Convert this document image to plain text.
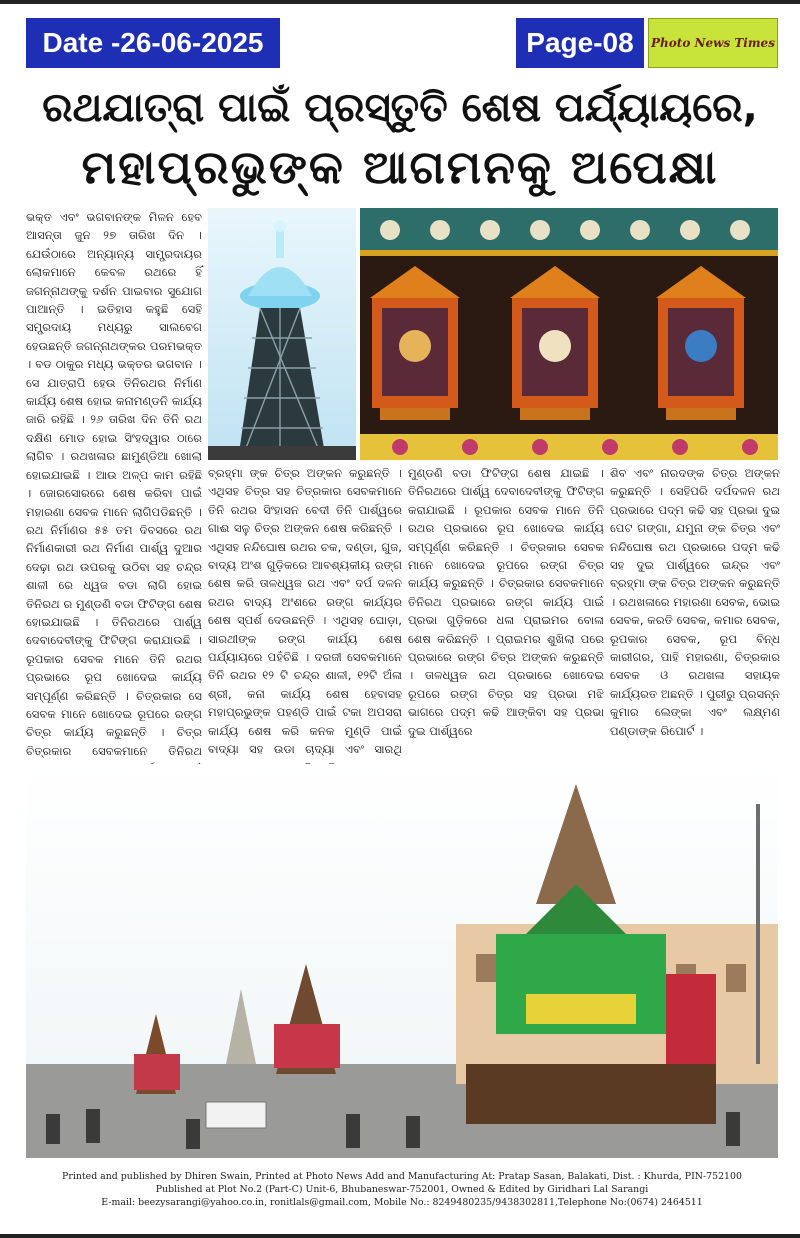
Date -26-06-2025	Page-08	Photo News Times
ରଥଯାତ୍ରା ପାଇଁ ପ୍ରସ୍ତୁତି ଶେଷ ପର୍ଯ୍ୟାୟରେ,
ମହାପ୍ରଭୁଙ୍କ ଆଗମନକୁ ଅପେକ୍ଷା
ଭକ୍ତ ଏବଂ ଭଗବାନଙ୍କ ମିଳନ ହେବ ଆସନ୍ତା ଜୁନ ୨୭ ତାରିଖ ଦିନ । ଯେଉଁଠାରେ ଅନ୍ୟାନ୍ୟ ସାମ୍ପ୍ରଦାୟର ଲୋକମାନେ କେବଳ ରଥରେ ହିଁ ଜଗନ୍ନାଥଙ୍କୁ ଦର୍ଶନ ପାଇବାର ସୁଯୋଗ ପାଆନ୍ତି । ଇତିହାସ କହୁଛି ସେହି ସମ୍ପ୍ରଦାୟ ମଧ୍ୟରୁ ସାଲବେଗ ହେଉଛନ୍ତି ଜଗନ୍ନାଥଙ୍କର ପରମଭକ୍ତ । ବଡ ଠାକୁର ମଧ୍ୟ ଭକ୍ତର ଭଗବାନ । ସେ ଯାତ୍ରାପି ହେଉ ତିନିରଥର ନିର୍ମାଣ କାର୍ଯ୍ୟ ଶେଷ ହୋଇ କନାମଣ୍ଡନି କାର୍ଯ୍ୟ ଜାରି ରହିଛି । ୨୬ ତାରିଖ ଦିନ ତିନି ରଥ ଦକ୍ଷିଣ ମୋଡ ହୋଇ ସିଂହଦ୍ୱାର ଠାରେ ଲାଗିବ । ରଥଖଳାର ଛାମୁଣ୍ଡିଆ ଖୋଲା ହୋଇଯାଇଛି । ଆଉ ଅଳ୍ପ କାମ ରହିଛି । ଜୋରସୋରରେ ଶେଷ କରିବା ପାଇଁ ମହାରଣା ସେବକ ମାନେ ଲାଗିପଡିଛନ୍ତି । ରଥ ନିର୍ମାଣର ୫୫ ତମ ଦିବସରେ ରଥ ନିର୍ମାଣକାରୀ ରଥ ନିର୍ମାଣ ପାର୍ଶ୍ୱ ଦୁଆର ଦେଢ଼ା ରଥ ଉପରକୁ ଉଠିବା ସହ ଚନ୍ଦ୍ର ଶାଳୀ ରେ ଧ୍ୱଜ ବଡା ଲାଗି ହୋଇ ତିନିରଥ ର ମୁଣ୍ଡଣି ବଡା ଫିଟିଙ୍ଗ ଶେଷ ହୋଇଯାଇଛି । ତିନିରଥରେ ପାର୍ଶ୍ୱ ଦେବାଦେବୀଙ୍କୁ ଫିଟିଙ୍ଗ କରାଯାଉଛି । ରୂପକାର ସେବକ ମାନେ ତିନି ରଥର ପ୍ରଭାରେ ରୂପ ଖୋଦେଇ କାର୍ଯ୍ୟ ସମ୍ପୂର୍ଣ୍ଣ କରିଛନ୍ତି । ଚିତ୍ରକାର ସେ ସେବକ ମାନେ ଖୋଦେଇ ରୂପରେ ରଙ୍ଗ ଚିତ୍ର କାର୍ଯ୍ୟ କରୁଛନ୍ତି । ଚିତ୍ର ଚିତ୍ରକାର ସେବକମାନେ ତିନିରଥ
ବ୍ରହ୍ମା ଙ୍କ ଚିତ୍ର ଅଙ୍କନ କରୁଛନ୍ତି । ଏଥିସହ ଚିତ୍ର ସହ ଚିତ୍ରକାର ସେବକମାନେ ତିନି ରଥର ସିଂହାସନ ବେଦୀ ତିନି ପାର୍ଶ୍ୱରେ ଗାଈ ସଳୁ ଚିତ୍ର ଅଙ୍କନ ଶେଷ କରିଛନ୍ତି । ଏଥିସହ ନନ୍ଦିଘୋଷ ରଥର ଚକ, ଦଣ୍ଡା, ଗୁଜ, ବାଦ୍ୟ ଅଂଶ ଗୁଡ଼ିକରେ ଆବଶ୍ୟକୀୟ ରଙ୍ଗ ଶେଷ କରି ତାଳଧ୍ୱଜ ରଥ ଏବଂ ଦର୍ପ ଦଳନ ରଥର ବାଦ୍ୟ ଅଂଶରେ ରଙ୍ଗ କାର୍ଯ୍ୟର ଶେଷ ସ୍ପର୍ଶ ଦେଉଛନ୍ତି । ଏଥିସହ ଘୋଡ଼ା, ସାରଥୀଙ୍କ ରଙ୍ଗ କାର୍ଯ୍ୟ ଶେଷ ପର୍ଯ୍ୟାୟରେ ପହଁଚିଛି । ଦରଜୀ ସେବକମାନେ ତିନି ରଥର ୧୨ ଟି ଚନ୍ଦ୍ର ଶାଳୀ, ୧୨ଟି ଅଁଳା ଶ୍ରୀ, କନା କାର୍ଯ୍ୟ ଶେଷ ହେବାସହ ମହାପ୍ରଭୁଙ୍କ ପହଣ୍ଡି ପାଇଁ ଟକା ଅପସରା କାର୍ଯ୍ୟ ଶେଷ କରି କନକ ମୁଣ୍ଡି ପାଇଁ ବାଦ୍ୟା ସହ ଉଡା ଚାଦ୍ୟା ଏବଂ ସାରଥି
ମୁଣ୍ଡଣି ବଡା ଫିଟିଙ୍ଗ ଶେଷ ଯାଇଛି । ତିନିରଥରେ ପାର୍ଶ୍ୱ ଦେବାଦେବୀଙ୍କୁ ଫିଟିଙ୍ଗ କରାଯାଇଛି । ରୂପକାର ସେବକ ମାନେ ତିନି ରଥର ପ୍ରଭାରେ ରୂପ ଖୋଦେଇ କାର୍ଯ୍ୟ ସମ୍ପୂର୍ଣ୍ଣ କରିଛନ୍ତି । ଚିତ୍ରକାର ସେବକ ମାନେ ଖୋଦେଇ ରୂପରେ ରଙ୍ଗ ଚିତ୍ର କାର୍ଯ୍ୟ କରୁଛନ୍ତି । ଚିତ୍ରକାର ସେବକମାନେ ତିନିରଥ ପ୍ରଭାରେ ରଙ୍ଗ କାର୍ଯ୍ୟ ପାଇଁ ପ୍ରଭା ଗୁଡ଼ିକରେ ଧଳା ପ୍ରାଇମର ବୋଳା ଶେଷ କରିଛନ୍ତି । ପ୍ରାଇମର ଶୁଖିଲା ପରେ ପ୍ରଭାରେ ରଙ୍ଗ ଚିତ୍ର ଅଙ୍କନ କରୁଛନ୍ତି । ତାଳଧ୍ୱଜ ରଥ ପ୍ରଭାରେ ଖୋଦେଇ ରୂପରେ ରଙ୍ଗ ଚିତ୍ର ସହ ପ୍ରଭା ମଝି ଭାଗରେ ପଦ୍ମ କଢି ଆଙ୍କିବା ସହ ପ୍ରଭା ଦୁଇ ପାର୍ଶ୍ୱରେ
ଶିବ ଏବଂ ନାରଦଙ୍କ ଚିତ୍ର ଅଙ୍କନ କରୁଛନ୍ତି । ସେହିପରି ଦର୍ପଦଳନ ରଥ ପ୍ରଭାରେ ପଦ୍ମ କଢି ସହ ପ୍ରଭା ଦୁଇ ପେଟ ଗଙ୍ଗା, ଯମୁନା ଙ୍କ ଚିତ୍ର ଏବଂ ନନ୍ଦିଘୋଷ ରଥ ପ୍ରଭାରେ ପଦ୍ମ କଢି ସହ ଦୁଇ ପାର୍ଶ୍ୱରେ ଇନ୍ଦ୍ର ଏବଂ ବ୍ରହ୍ମା ଙ୍କ ଚିତ୍ର ଅଙ୍କନ କରୁଛନ୍ତି । ରଥଖଳାରେ ମହାରଣା ସେବକ, ଭୋଇ ସେବକ, କରତି ସେବକ, କମାର ସେବକ, ରୂପକାର ସେବକ, ରୂପ ବିନ୍ଧ କାରୀଗର, ପାହି ମହାରଣା, ଚିତ୍ରକାର ସେବକ ଓ ରଥଖଳା ସହାୟକ କାର୍ଯ୍ୟରତ ଅଛନ୍ତି । ପୁରୀରୁ ପ୍ରସନ୍ନ କୁମାର ଲେଙ୍କା ଏବଂ ଲକ୍ଷ୍ମଣ ପଣ୍ଡାଙ୍କ ରିପୋର୍ଟ ।
Printed and published by Dhiren Swain, Printed at Photo News Add and Manufacturing At: Pratap Sasan, Balakati, Dist. : Khurda, PIN-752100
Published at Plot No.2 (Part-C) Unit-6, Bhubaneswar-752001, Owned & Edited by Giridhari Lal Sarangi
E-mail: beezysarangi@yahoo.co.in, ronitlals@gmail.com, Mobile No.: 8249480235/9438302811,Telephone No:(0674) 2464511
